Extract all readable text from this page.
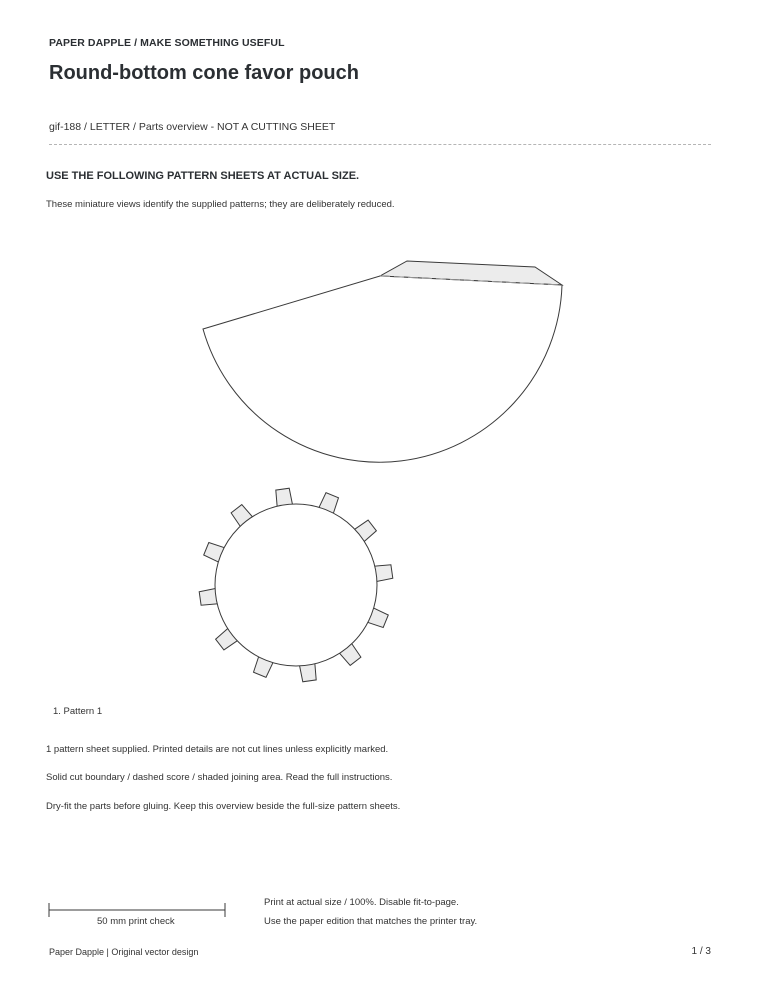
PAPER DAPPLE / MAKE SOMETHING USEFUL
Round-bottom cone favor pouch
gif-188 / LETTER / Parts overview - NOT A CUTTING SHEET
USE THE FOLLOWING PATTERN SHEETS AT ACTUAL SIZE.
These miniature views identify the supplied patterns; they are deliberately reduced.
1. Pattern 1
1 pattern sheet supplied. Printed details are not cut lines unless explicitly marked.
Solid cut boundary / dashed score / shaded joining area. Read the full instructions.
Dry-fit the parts before gluing. Keep this overview beside the full-size pattern sheets.
50 mm print check
Print at actual size / 100%. Disable fit-to-page.
Use the paper edition that matches the printer tray.
Paper Dapple | Original vector design	1 / 3
